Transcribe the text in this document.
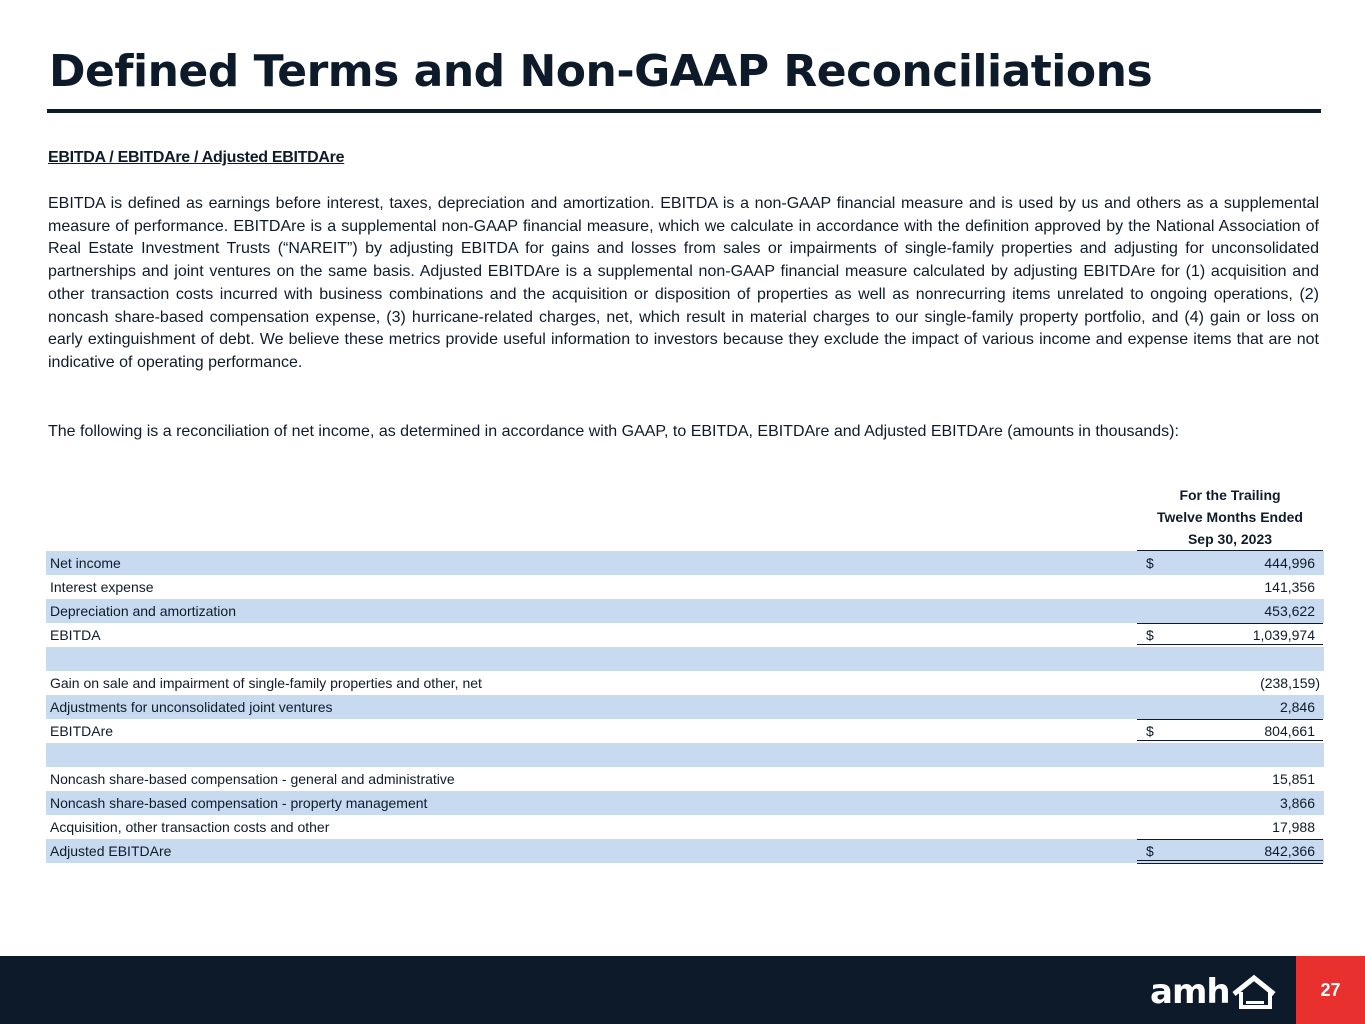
Defined Terms and Non-GAAP Reconciliations
EBITDA / EBITDAre / Adjusted EBITDAre

EBITDA is defined as earnings before interest, taxes, depreciation and amortization. EBITDA is a non-GAAP financial measure and is used by us and others as a supplemental measure of performance. EBITDAre is a supplemental non-GAAP financial measure, which we calculate in accordance with the definition approved by the National Association of Real Estate Investment Trusts (“NAREIT”) by adjusting EBITDA for gains and losses from sales or impairments of single-family properties and adjusting for unconsolidated partnerships and joint ventures on the same basis. Adjusted EBITDAre is a supplemental non-GAAP financial measure calculated by adjusting EBITDAre for (1) acquisition and other transaction costs incurred with business combinations and the acquisition or disposition of properties as well as nonrecurring items unrelated to ongoing operations, (2) noncash share-based compensation expense, (3) hurricane-related charges, net, which result in material charges to our single-family property portfolio, and (4) gain or loss on early extinguishment of debt. We believe these metrics provide useful information to investors because they exclude the impact of various income and expense items that are not indicative of operating performance.

The following is a reconciliation of net income, as determined in accordance with GAAP, to EBITDA, EBITDAre and Adjusted EBITDAre (amounts in thousands):

For the Trailing
Twelve Months Ended
Sep 30, 2023
Net income	$	444,996
Interest expense	141,356
Depreciation and amortization	453,622
EBITDA	$	1,039,974
Gain on sale and impairment of single-family properties and other, net	(238,159)
Adjustments for unconsolidated joint ventures	2,846
EBITDAre	$	804,661
Noncash share-based compensation - general and administrative	15,851
Noncash share-based compensation - property management	3,866
Acquisition, other transaction costs and other	17,988
Adjusted EBITDAre	$	842,366
amh	27
